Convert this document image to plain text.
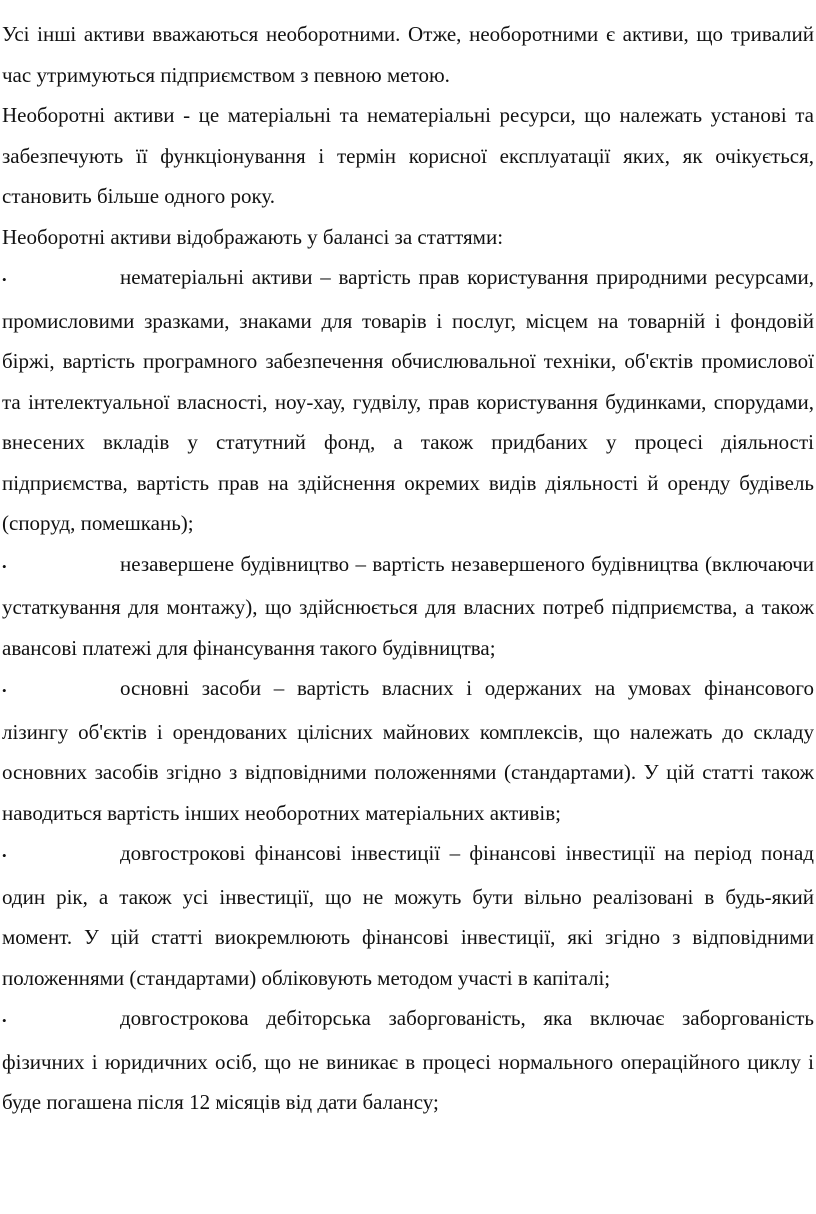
Усі інші активи вважаються необоротними. Отже, необоротними є активи, що тривалий час утримуються підприємством з певною метою.

Необоротні активи - це матеріальні та нематеріальні ресурси, що належать установі та забезпечують її функціонування і термін корисної експлуатації яких, як очікується, становить більше одного року.

Необоротні активи відображають у балансі за статтями:

•	нематеріальні активи – вартість прав користування природними ресурсами, промисловими зразками, знаками для товарів і послуг, місцем на товарній і фондовій біржі, вартість програмного забезпечення обчислювальної техніки, об'єктів промислової та інтелектуальної власності, ноу-хау, гудвілу, прав користування будинками, спорудами, внесених вкладів у статутний фонд, а також придбаних у процесі діяльності підприємства, вартість прав на здійснення окремих видів діяльності й оренду будівель (споруд, помешкань);

•	незавершене будівництво – вартість незавершеного будівництва (включаючи устаткування для монтажу), що здійснюється для власних потреб підприємства, а також авансові платежі для фінансування такого будівництва;

•	основні засоби – вартість власних і одержаних на умовах фінансового лізингу об'єктів і орендованих цілісних майнових комплексів, що належать до складу основних засобів згідно з відповідними положеннями (стандартами). У цій статті також наводиться вартість інших необоротних матеріальних активів;

•	довгострокові фінансові інвестиції – фінансові інвестиції на період понад один рік, а також усі інвестиції, що не можуть бути вільно реалізовані в будь-який момент. У цій статті виокремлюють фінансові інвестиції, які згідно з відповідними положеннями (стандартами) обліковують методом участі в капіталі;

•	довгострокова дебіторська заборгованість, яка включає заборгованість фізичних і юридичних осіб, що не виникає в процесі нормального операційного циклу і буде погашена після 12 місяців від дати балансу;
